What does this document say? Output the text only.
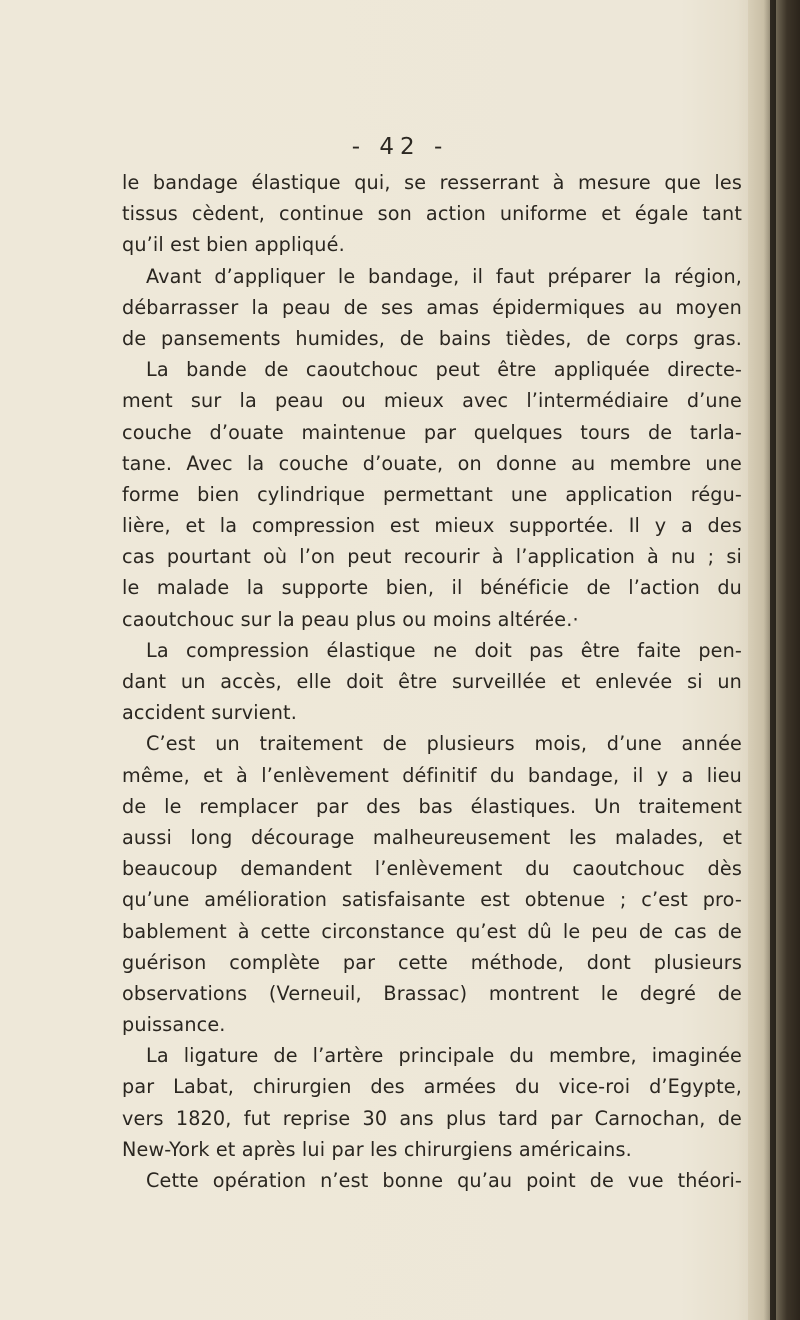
- 42 -
le bandage élastique qui, se resserrant à mesure que les
tissus cèdent, continue son action uniforme et égale tant
qu’il est bien appliqué.
Avant d’appliquer le bandage, il faut préparer la région,
débarrasser la peau de ses amas épidermiques au moyen
de pansements humides, de bains tièdes, de corps gras.
La bande de caoutchouc peut être appliquée directe-
ment sur la peau ou mieux avec l’intermédiaire d’une
couche d’ouate maintenue par quelques tours de tarla-
tane. Avec la couche d’ouate, on donne au membre une
forme bien cylindrique permettant une application régu-
lière, et la compression est mieux supportée. Il y a des
cas pourtant où l’on peut recourir à l’application à nu ; si
le malade la supporte bien, il bénéficie de l’action du
caoutchouc sur la peau plus ou moins altérée.·
La compression élastique ne doit pas être faite pen-
dant un accès, elle doit être surveillée et enlevée si un
accident survient.
C’est un traitement de plusieurs mois, d’une année
même, et à l’enlèvement définitif du bandage, il y a lieu
de le remplacer par des bas élastiques. Un traitement
aussi long décourage malheureusement les malades, et
beaucoup demandent l’enlèvement du caoutchouc dès
qu’une amélioration satisfaisante est obtenue ; c’est pro-
bablement à cette circonstance qu’est dû le peu de cas de
guérison complète par cette méthode, dont plusieurs
observations (Verneuil, Brassac) montrent le degré de
puissance.
La ligature de l’artère principale du membre, imaginée
par Labat, chirurgien des armées du vice-roi d’Egypte,
vers 1820, fut reprise 30 ans plus tard par Carnochan, de
New-York et après lui par les chirurgiens américains.
Cette opération n’est bonne qu’au point de vue théori-
